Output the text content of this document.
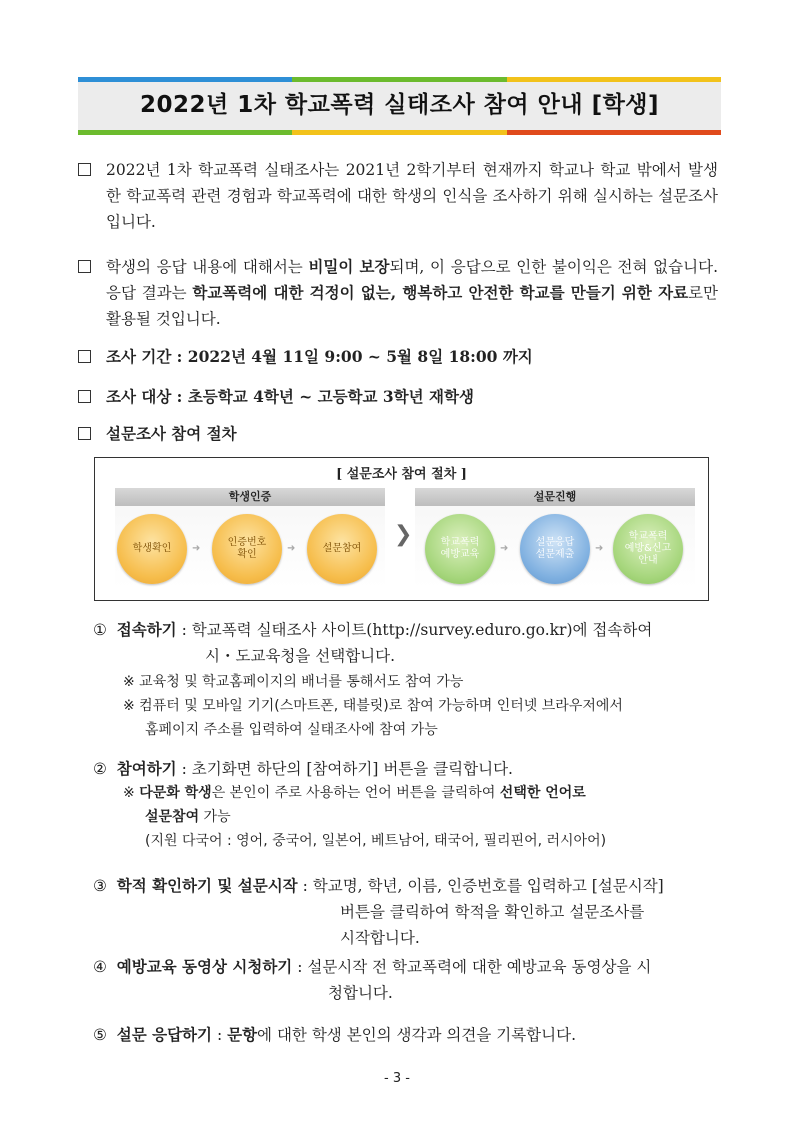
2022년 1차 학교폭력 실태조사 참여 안내 [학생]
2022년 1차 학교폭력 실태조사는 2021년 2학기부터 현재까지 학교나 학교 밖에서 발생한 학교폭력 관련 경험과 학교폭력에 대한 학생의 인식을 조사하기 위해 실시하는 설문조사입니다.
학생의 응답 내용에 대해서는 비밀이 보장되며, 이 응답으로 인한 불이익은 전혀 없습니다. 응답 결과는 학교폭력에 대한 걱정이 없는, 행복하고 안전한 학교를 만들기 위한 자료로만 활용될 것입니다.
조사 기간 : 2022년 4월 11일 9:00 ~ 5월 8일 18:00 까지
조사 대상 : 초등학교 4학년 ~ 고등학교 3학년 재학생
설문조사 참여 절차
[ 설문조사 참여 절차 ]
학생인증	설문진행
학생확인	➜
인증번호
확인
➜	설문참여
❯	학교폭력
예방교육
➜
설문응답
설문제출
➜
학교폭력
예방&신고
안내
① 접속하기 : 학교폭력 실태조사 사이트(http://survey.eduro.go.kr)에 접속하여
시・도교육청을 선택합니다.
※ 교육청 및 학교홈페이지의 배너를 통해서도 참여 가능
※ 컴퓨터 및 모바일 기기(스마트폰, 태블릿)로 참여 가능하며 인터넷 브라우저에서
홈페이지 주소를 입력하여 실태조사에 참여 가능
② 참여하기 : 초기화면 하단의 [참여하기] 버튼을 클릭합니다.
※ 다문화 학생은 본인이 주로 사용하는 언어 버튼을 클릭하여 선택한 언어로
설문참여 가능
(지원 다국어 : 영어, 중국어, 일본어, 베트남어, 태국어, 필리핀어, 러시아어)
③ 학적 확인하기 및 설문시작 : 학교명, 학년, 이름, 인증번호를 입력하고 [설문시작]
버튼을 클릭하여 학적을 확인하고 설문조사를
시작합니다.
④ 예방교육 동영상 시청하기 : 설문시작 전 학교폭력에 대한 예방교육 동영상을 시
청합니다.
⑤ 설문 응답하기 : 문항에 대한 학생 본인의 생각과 의견을 기록합니다.
- 3 -
